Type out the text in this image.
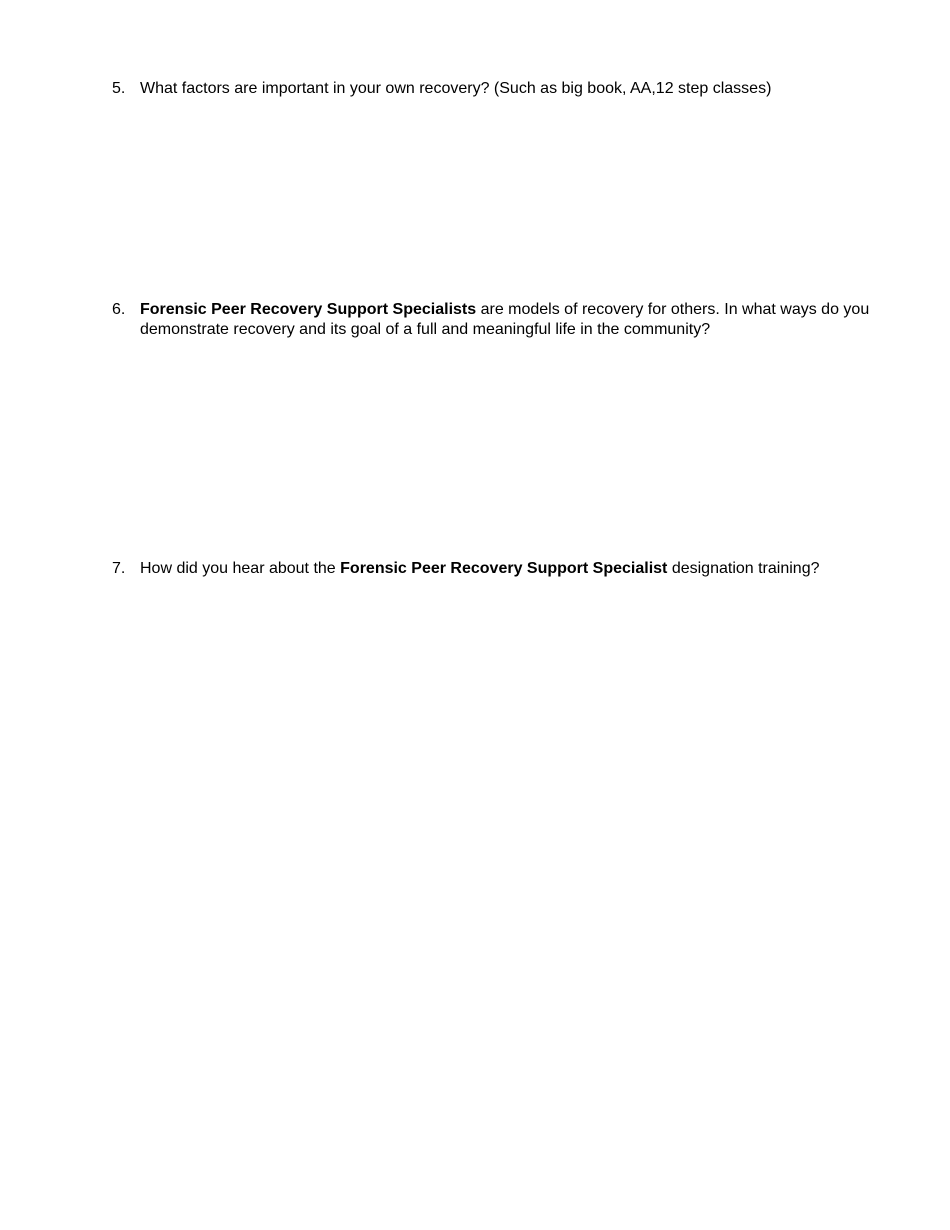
5. What factors are important in your own recovery? (Such as big book, AA,12 step classes)
6. Forensic Peer Recovery Support Specialists are models of recovery for others. In what ways do you demonstrate recovery and its goal of a full and meaningful life in the community?
7. How did you hear about the Forensic Peer Recovery Support Specialist designation training?
